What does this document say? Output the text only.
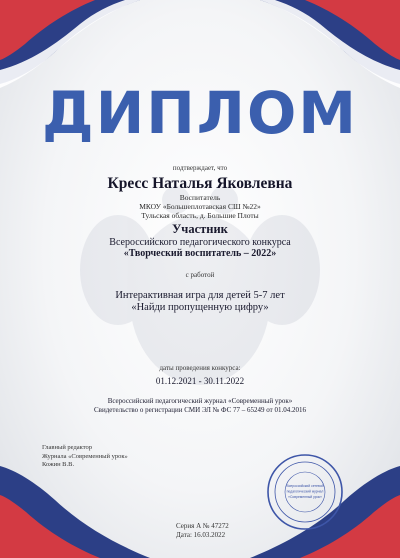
ДИПЛОМ
подтверждает, что
Кресс Наталья Яковлевна
Воспитатель
МКОУ «Большеплотавская СШ №22»
Тульская область, д. Большие Плоты
Участник
Всероссийского педагогического конкурса
«Творческий воспитатель – 2022»
с работой
Интерактивная игра для детей 5-7 лет
«Найди пропущенную цифру»
даты проведения конкурса:
01.12.2021 - 30.11.2022
Всероссийский педагогический журнал «Современный урок»
Свидетельство о регистрации СМИ ЭЛ № ФС 77 – 65249 от 01.04.2016
Главный редактор
Журнала «Современный урок»
Кожин В.В.
Всероссийский сетевой
педагогический журнал
«Современный урок»
Серия А № 47272
Дата: 16.03.2022
